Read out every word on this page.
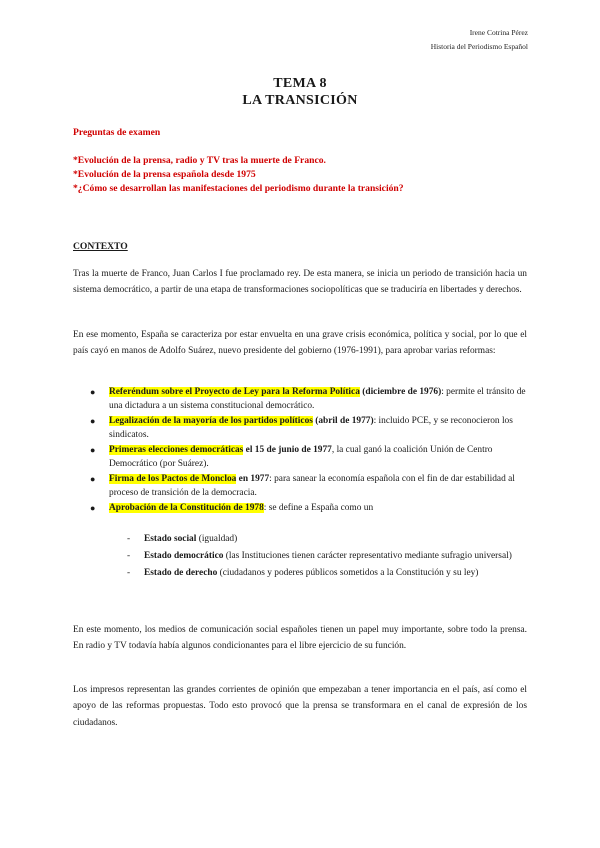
Irene Cotrina Pérez
Historia del Periodismo Español
TEMA 8
LA TRANSICIÓN
Preguntas de examen
*Evolución de la prensa, radio y TV tras la muerte de Franco.
*Evolución de la prensa española desde 1975
*¿Cómo se desarrollan las manifestaciones del periodismo durante la transición?
CONTEXTO
Tras la muerte de Franco, Juan Carlos I fue proclamado rey. De esta manera, se inicia un periodo de transición hacia un sistema democrático, a partir de una etapa de transformaciones sociopolíticas que se traduciría en libertades y derechos.
En ese momento, España se caracteriza por estar envuelta en una grave crisis económica, política y social, por lo que el país cayó en manos de Adolfo Suárez, nuevo presidente del gobierno (1976-1991), para aprobar varias reformas:
● Referéndum sobre el Proyecto de Ley para la Reforma Política (diciembre de 1976): permite el tránsito de una dictadura a un sistema constitucional democrático.
● Legalización de la mayoría de los partidos políticos (abril de 1977): incluido PCE, y se reconocieron los sindicatos.
● Primeras elecciones democráticas el 15 de junio de 1977, la cual ganó la coalición Unión de Centro Democrático (por Suárez).
● Firma de los Pactos de Moncloa en 1977: para sanear la economía española con el fin de dar estabilidad al proceso de transición de la democracia.
● Aprobación de la Constitución de 1978: se define a España como un
- Estado social (igualdad)
- Estado democrático (las Instituciones tienen carácter representativo mediante sufragio universal)
- Estado de derecho (ciudadanos y poderes públicos sometidos a la Constitución y su ley)
En este momento, los medios de comunicación social españoles tienen un papel muy importante, sobre todo la prensa. En radio y TV todavía había algunos condicionantes para el libre ejercicio de su función.
Los impresos representan las grandes corrientes de opinión que empezaban a tener importancia en el país, así como el apoyo de las reformas propuestas. Todo esto provocó que la prensa se transformara en el canal de expresión de los ciudadanos.
